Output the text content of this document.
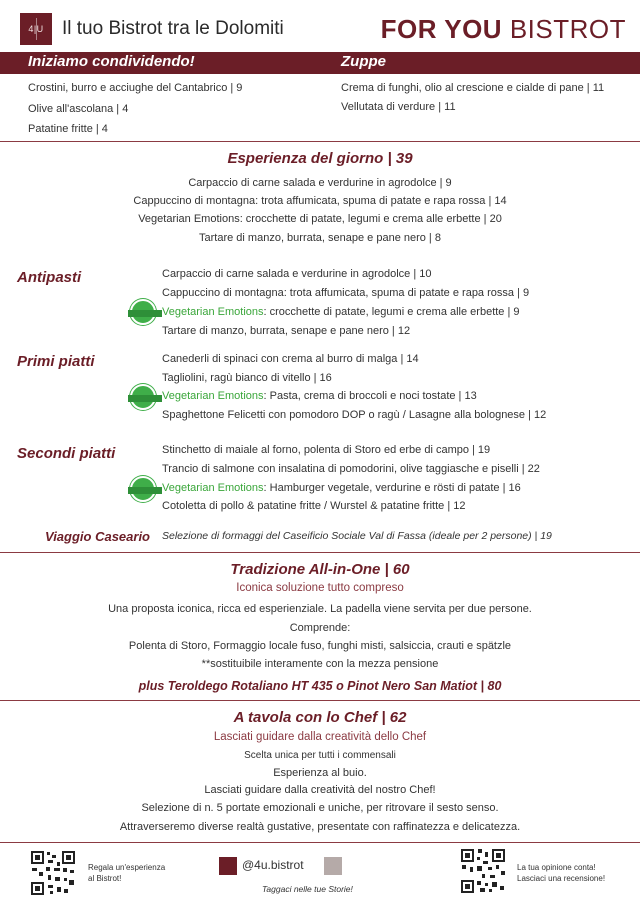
4|U Il tuo Bistrot tra le Dolomiti	FOR YOU BISTROT
Iniziamo condividendo!	Zuppe
Crostini, burro e acciughe del Cantabrico | 9
Olive all'ascolana | 4
Patatine fritte | 4
Crema di funghi, olio al crescione e cialde di pane | 11
Vellutata di verdure | 11
Esperienza del giorno | 39
Carpaccio di carne salada e verdurine in agrodolce | 9
Cappuccino di montagna: trota affumicata, spuma di patate e rapa rossa | 14
Vegetarian Emotions: crocchette di patate, legumi e crema alle erbette | 20
Tartare di manzo, burrata, senape e pane nero | 8
Antipasti	Carpaccio di carne salada e verdurine in agrodolce | 10
Cappuccino di montagna: trota affumicata, spuma di patate e rapa rossa | 9
Vegetarian Emotions: crocchette di patate, legumi e crema alle erbette | 9
Tartare di manzo, burrata, senape e pane nero | 12
Primi piatti	Canederli di spinaci con crema al burro di malga | 14
Tagliolini, ragù bianco di vitello | 16
Vegetarian Emotions: Pasta, crema di broccoli e noci tostate | 13
Spaghettone Felicetti con pomodoro DOP o ragù / Lasagne alla bolognese | 12
Secondi piatti	Stinchetto di maiale al forno, polenta di Storo ed erbe di campo | 19
Trancio di salmone con insalatina di pomodorini, olive taggiasche e piselli | 22
Vegetarian Emotions: Hamburger vegetale, verdurine e rösti di patate | 16
Cotoletta di pollo & patatine fritte / Wurstel & patatine fritte | 12
Viaggio Caseario Selezione di formaggi del Caseificio Sociale Val di Fassa (ideale per 2 persone) | 19
Tradizione All-in-One | 60
Iconica soluzione tutto compreso
Una proposta iconica, ricca ed esperienziale. La padella viene servita per due persone.
Comprende:
Polenta di Storo, Formaggio locale fuso, funghi misti, salsiccia, crauti e spätzle
**sostituibile interamente con la mezza pensione
plus Teroldego Rotaliano HT 435 o Pinot Nero San Matiot | 80
A tavola con lo Chef | 62
Lasciati guidare dalla creatività dello Chef
Scelta unica per tutti i commensali
Esperienza al buio.
Lasciati guidare dalla creatività del nostro Chef!
Selezione di n. 5 portate emozionali e uniche, per ritrovare il sesto senso.
Attraverseremo diverse realtà gustative, presentate con raffinatezza e delicatezza.
Regala un'esperienza
al Bistrot!
@4u.bistrot
Taggaci nelle tue Storie!
La tua opinione conta!
Lasciaci una recensione!
